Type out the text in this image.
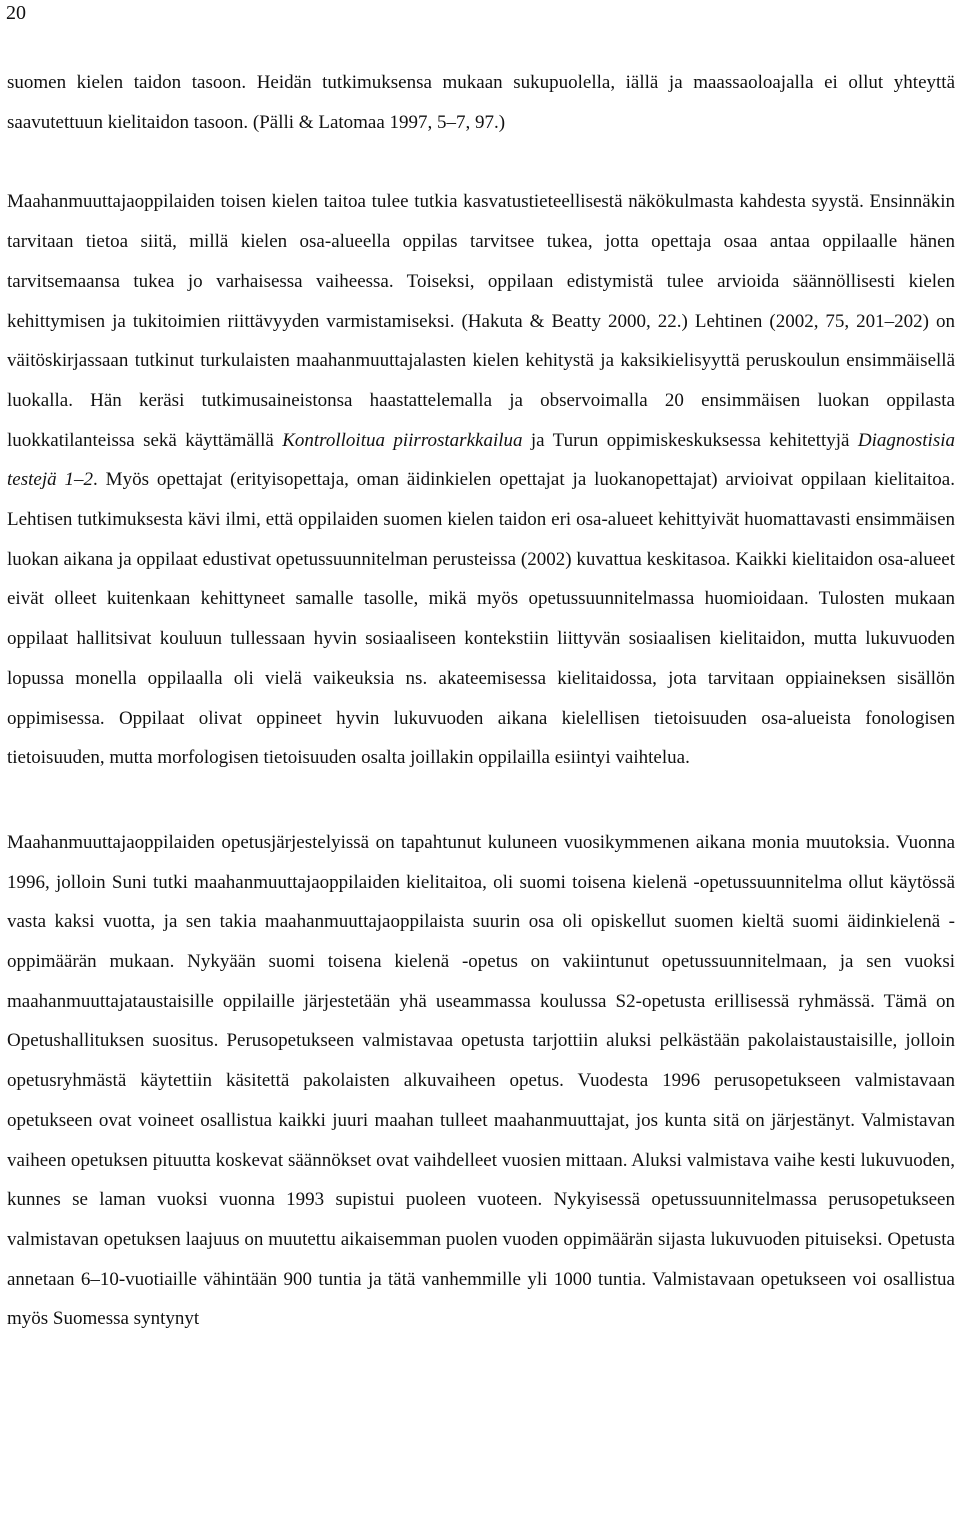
20

suomen kielen taidon tasoon. Heidän tutkimuksensa mukaan sukupuolella, iällä ja maassaoloajalla ei ollut yhteyttä saavutettuun kielitaidon tasoon. (Pälli & Latomaa 1997, 5–7, 97.)

Maahanmuuttajaoppilaiden toisen kielen taitoa tulee tutkia kasvatustieteellisestä näkökulmasta kahdesta syystä. Ensinnäkin tarvitaan tietoa siitä, millä kielen osa-alueella oppilas tarvitsee tukea, jotta opettaja osaa antaa oppilaalle hänen tarvitsemaansa tukea jo varhaisessa vaiheessa. Toiseksi, oppilaan edistymistä tulee arvioida säännöllisesti kielen kehittymisen ja tukitoimien riittävyyden varmistamiseksi. (Hakuta & Beatty 2000, 22.) Lehtinen (2002, 75, 201–202) on väitöskirjassaan tutkinut turkulaisten maahanmuuttajalasten kielen kehitystä ja kaksikielisyyttä peruskoulun ensimmäisellä luokalla. Hän keräsi tutkimusaineistonsa haastattelemalla ja observoimalla 20 ensimmäisen luokan oppilasta luokkatilanteissa sekä käyttämällä Kontrolloitua piirrostarkkailua ja Turun oppimiskeskuksessa kehitettyjä Diagnostisia testejä 1–2. Myös opettajat (erityisopettaja, oman äidinkielen opettajat ja luokanopettajat) arvioivat oppilaan kielitaitoa. Lehtisen tutkimuksesta kävi ilmi, että oppilaiden suomen kielen taidon eri osa-alueet kehittyivät huomattavasti ensimmäisen luokan aikana ja oppilaat edustivat opetussuunnitelman perusteissa (2002) kuvattua keskitasoa. Kaikki kielitaidon osa-alueet eivät olleet kuitenkaan kehittyneet samalle tasolle, mikä myös opetussuunnitelmassa huomioidaan. Tulosten mukaan oppilaat hallitsivat kouluun tullessaan hyvin sosiaaliseen kontekstiin liittyvän sosiaalisen kielitaidon, mutta lukuvuoden lopussa monella oppilaalla oli vielä vaikeuksia ns. akateemisessa kielitaidossa, jota tarvitaan oppiaineksen sisällön oppimisessa. Oppilaat olivat oppineet hyvin lukuvuoden aikana kielellisen tietoisuuden osa-alueista fonologisen tietoisuuden, mutta morfologisen tietoisuuden osalta joillakin oppilailla esiintyi vaihtelua.

Maahanmuuttajaoppilaiden opetusjärjestelyissä on tapahtunut kuluneen vuosikymmenen aikana monia muutoksia. Vuonna 1996, jolloin Suni tutki maahanmuuttajaoppilaiden kielitaitoa, oli suomi toisena kielenä -opetussuunnitelma ollut käytössä vasta kaksi vuotta, ja sen takia maahanmuuttajaoppilaista suurin osa oli opiskellut suomen kieltä suomi äidinkielenä -oppimäärän mukaan. Nykyään suomi toisena kielenä -opetus on vakiintunut opetussuunnitelmaan, ja sen vuoksi maahanmuuttajataustaisille oppilaille järjestetään yhä useammassa koulussa S2-opetusta erillisessä ryhmässä. Tämä on Opetushallituksen suositus. Perusopetukseen valmistavaa opetusta tarjottiin aluksi pelkästään pakolaistaustaisille, jolloin opetusryhmästä käytettiin käsitettä pakolaisten alkuvaiheen opetus. Vuodesta 1996 perusopetukseen valmistavaan opetukseen ovat voineet osallistua kaikki juuri maahan tulleet maahanmuuttajat, jos kunta sitä on järjestänyt. Valmistavan vaiheen opetuksen pituutta koskevat säännökset ovat vaihdelleet vuosien mittaan. Aluksi valmistava vaihe kesti lukuvuoden, kunnes se laman vuoksi vuonna 1993 supistui puoleen vuoteen. Nykyisessä opetussuunnitelmassa perusopetukseen valmistavan opetuksen laajuus on muutettu aikaisemman puolen vuoden oppimäärän sijasta lukuvuoden pituiseksi. Opetusta annetaan 6–10-vuotiaille vähintään 900 tuntia ja tätä vanhemmille yli 1000 tuntia. Valmistavaan opetukseen voi osallistua myös Suomessa syntynyt
